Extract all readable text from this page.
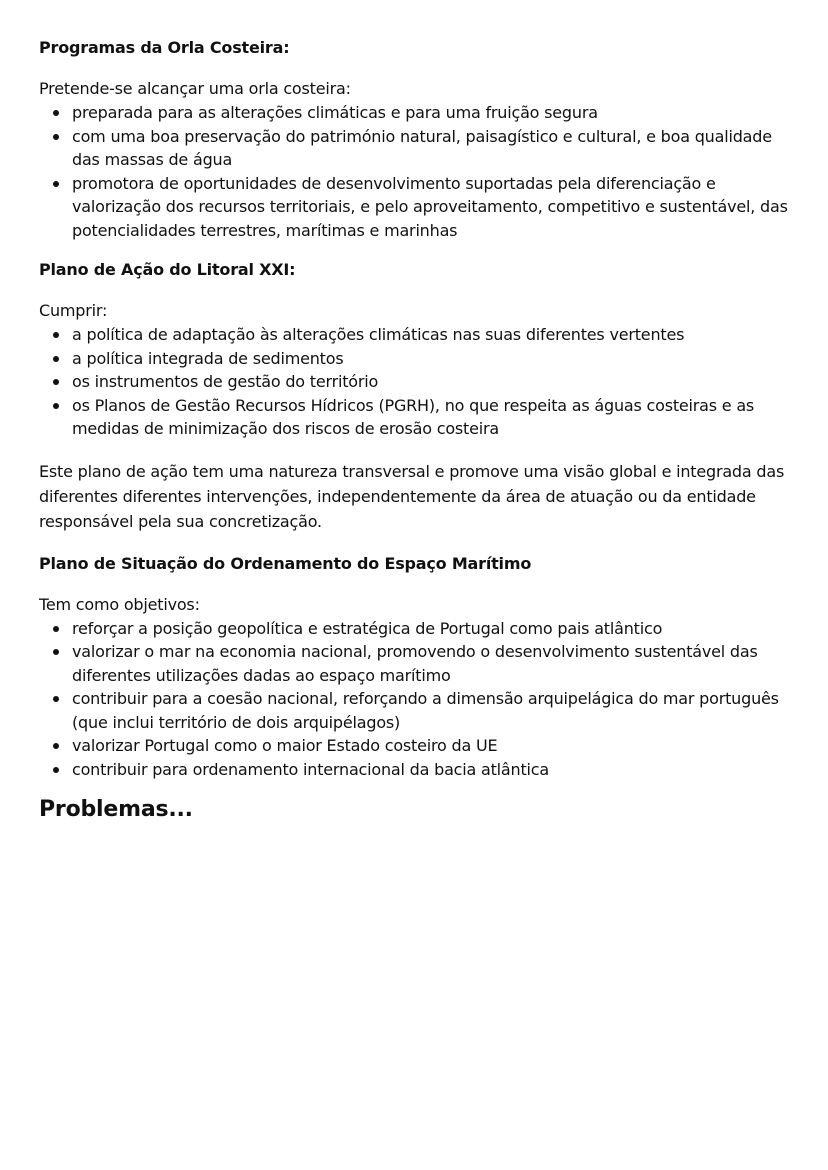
Programas da Orla Costeira:

Pretende-se alcançar uma orla costeira:

preparada para as alterações climáticas e para uma fruição segura
com uma boa preservação do património natural, paisagístico e cultural, e boa qualidade das massas de água
promotora de oportunidades de desenvolvimento suportadas pela diferenciação e valorização dos recursos territoriais, e pelo aproveitamento, competitivo e sustentável, das potencialidades terrestres, marítimas e marinhas

Plano de Ação do Litoral XXI:

Cumprir:

a política de adaptação às alterações climáticas nas suas diferentes vertentes
a política integrada de sedimentos
os instrumentos de gestão do território
os Planos de Gestão Recursos Hídricos (PGRH), no que respeita as águas costeiras e as medidas de minimização dos riscos de erosão costeira

Este plano de ação tem uma natureza transversal e promove uma visão global e integrada das diferentes diferentes intervenções, independentemente da área de atuação ou da entidade responsável pela sua concretização.

Plano de Situação do Ordenamento do Espaço Marítimo

Tem como objetivos:

reforçar a posição geopolítica e estratégica de Portugal como pais atlântico
valorizar o mar na economia nacional, promovendo o desenvolvimento sustentável das diferentes utilizações dadas ao espaço marítimo
contribuir para a coesão nacional, reforçando a dimensão arquipelágica do mar português (que inclui território de dois arquipélagos)
valorizar Portugal como o maior Estado costeiro da UE
contribuir para ordenamento internacional da bacia atlântica

Problemas...
